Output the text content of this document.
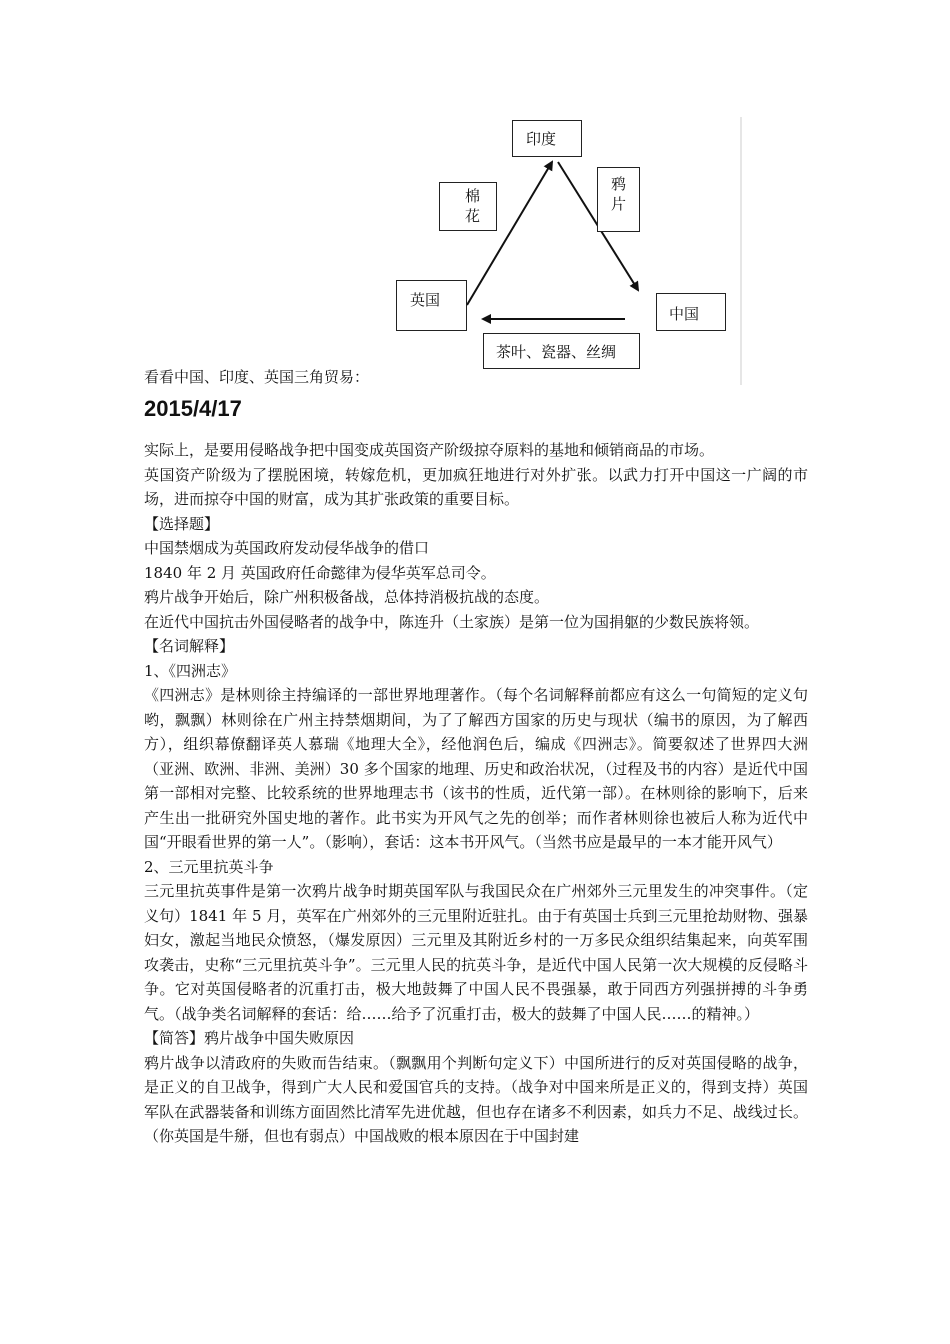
印度
棉花
鸦片
英国
中国
茶叶、瓷器、丝绸
看看中国、印度、英国三角贸易：
2015/4/17

实际上，是要用侵略战争把中国变成英国资产阶级掠夺原料的基地和倾销商品的市场。

英国资产阶级为了摆脱困境，转嫁危机，更加疯狂地进行对外扩张。以武力打开中国这一广阔的市场，进而掠夺中国的财富，成为其扩张政策的重要目标。

【选择题】

中国禁烟成为英国政府发动侵华战争的借口

1840 年 2 月 英国政府任命懿律为侵华英军总司令。

鸦片战争开始后，除广州积极备战，总体持消极抗战的态度。

在近代中国抗击外国侵略者的战争中，陈连升（土家族）是第一位为国捐躯的少数民族将领。

【名词解释】

1、《四洲志》

《四洲志》是林则徐主持编译的一部世界地理著作。（每个名词解释前都应有这么一句简短的定义句哟，飘飘）林则徐在广州主持禁烟期间，为了了解西方国家的历史与现状（编书的原因，为了解西方），组织幕僚翻译英人慕瑞《地理大全》，经他润色后，编成《四洲志》。简要叙述了世界四大洲（亚洲、欧洲、非洲、美洲）30 多个国家的地理、历史和政治状况，（过程及书的内容）是近代中国第一部相对完整、比较系统的世界地理志书（该书的性质，近代第一部）。在林则徐的影响下，后来产生出一批研究外国史地的著作。此书实为开风气之先的创举；而作者林则徐也被后人称为近代中国“开眼看世界的第一人”。（影响），套话：这本书开风气。（当然书应是最早的一本才能开风气）

2、三元里抗英斗争

三元里抗英事件是第一次鸦片战争时期英国军队与我国民众在广州郊外三元里发生的冲突事件。（定义句）1841 年 5 月，英军在广州郊外的三元里附近驻扎。由于有英国士兵到三元里抢劫财物、强暴妇女，激起当地民众愤怒，（爆发原因）三元里及其附近乡村的一万多民众组织结集起来，向英军围攻袭击，史称“三元里抗英斗争”。三元里人民的抗英斗争，是近代中国人民第一次大规模的反侵略斗争。它对英国侵略者的沉重打击，极大地鼓舞了中国人民不畏强暴，敢于同西方列强拼搏的斗争勇气。（战争类名词解释的套话：给……给予了沉重打击，极大的鼓舞了中国人民……的精神。）

【简答】鸦片战争中国失败原因

鸦片战争以清政府的失败而告结束。（飘飘用个判断句定义下）中国所进行的反对英国侵略的战争，是正义的自卫战争，得到广大人民和爱国官兵的支持。（战争对中国来所是正义的，得到支持）英国军队在武器装备和训练方面固然比清军先进优越，但也存在诸多不利因素，如兵力不足、战线过长。（你英国是牛掰，但也有弱点）中国战败的根本原因在于中国封建
